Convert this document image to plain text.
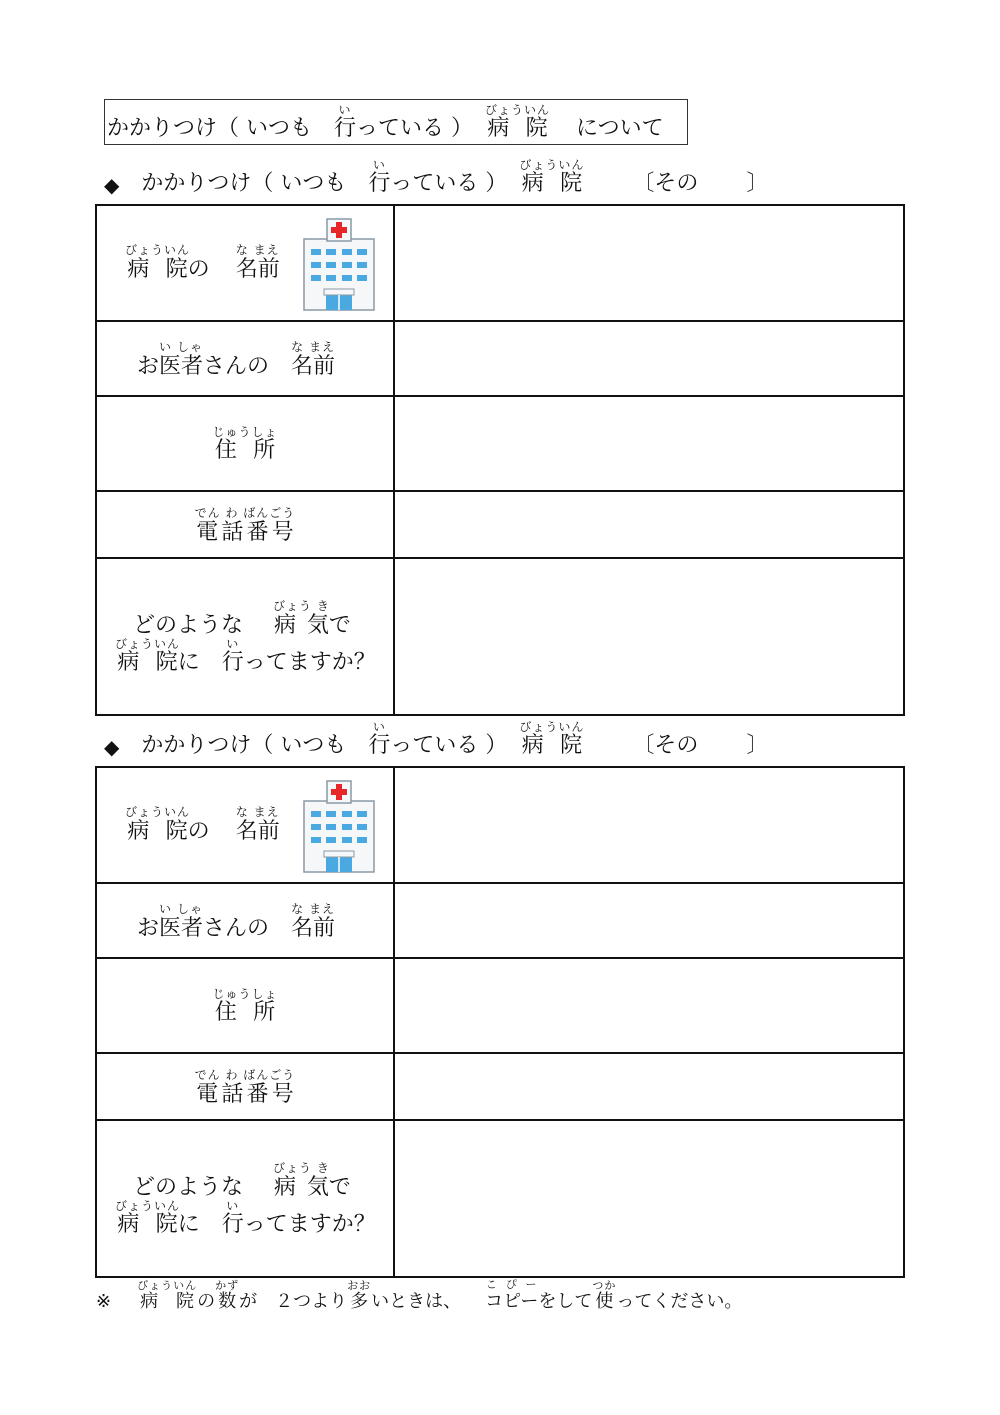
かかりつけ（ いつも　 行い
っている ） 病 院びょういん
について
◆ かかりつけ（ いつも　 行い
っている ） 病 院びょういん
〔その 〕
病 院びょういんの 名前な まえ	

お医者い しゃさんの 名前な まえ	

住 所じゅうしょ	

電話番号でん わ ばんごう	

どのような 病 気びょう きで
病 院びょういんに 行いってますか？	

◆ かかりつけ（ いつも　 行い
っている ） 病 院びょういん
〔その 〕
病 院びょういんの 名前な まえ	

お医者い しゃさんの 名前な まえ	

住 所じゅうしょ	

電話番号でん わ ばんごう	

どのような 病 気びょう きで
病 院びょういんに 行いってますか？	

※ 病 院びょういん
の 数かず
が　２つより 多おお
いときは、 コピーこ ぴ ー
をして 使つか
ってください。
